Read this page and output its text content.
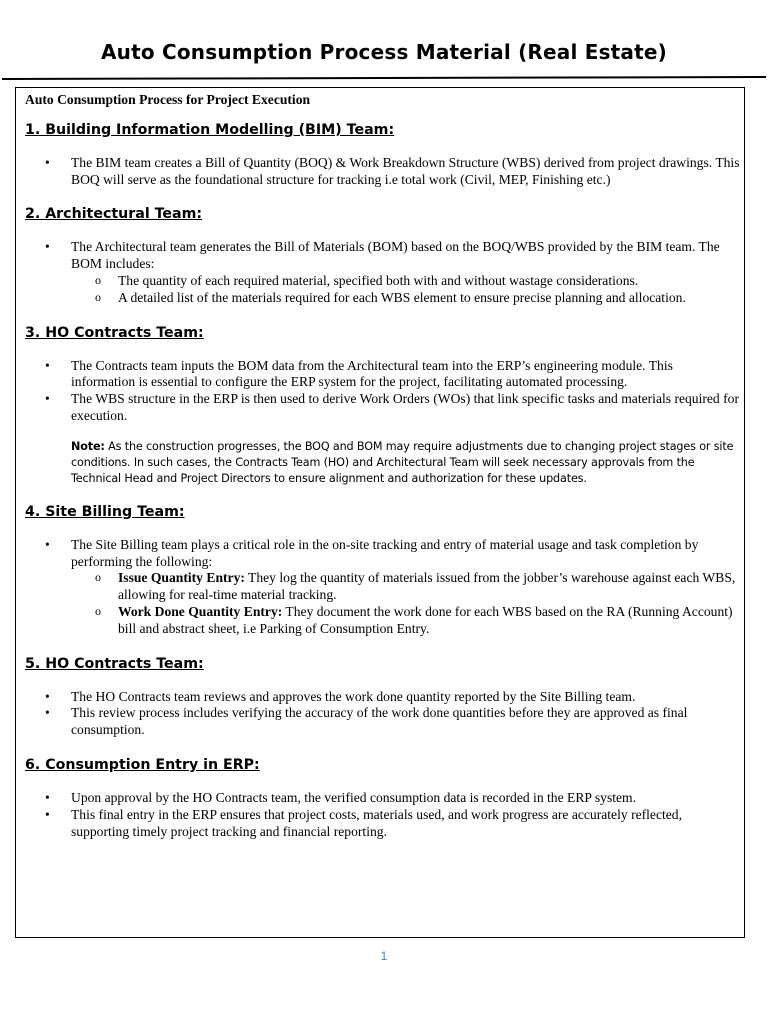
Auto Consumption Process Material (Real Estate)
Auto Consumption Process for Project Execution
1. Building Information Modelling (BIM) Team:
• The BIM team creates a Bill of Quantity (BOQ) & Work Breakdown Structure (WBS) derived from project drawings. This BOQ will serve as the foundational structure for tracking i.e total work (Civil, MEP, Finishing etc.)
2. Architectural Team:
• The Architectural team generates the Bill of Materials (BOM) based on the BOQ/WBS provided by the BIM team. The BOM includes:
o The quantity of each required material, specified both with and without wastage considerations.
o A detailed list of the materials required for each WBS element to ensure precise planning and allocation.
3. HO Contracts Team:
• The Contracts team inputs the BOM data from the Architectural team into the ERP’s engineering module. This information is essential to configure the ERP system for the project, facilitating automated processing.
• The WBS structure in the ERP is then used to derive Work Orders (WOs) that link specific tasks and materials required for execution.
Note: As the construction progresses, the BOQ and BOM may require adjustments due to changing project stages or site conditions. In such cases, the Contracts Team (HO) and Architectural Team will seek necessary approvals from the Technical Head and Project Directors to ensure alignment and authorization for these updates.
4. Site Billing Team:
• The Site Billing team plays a critical role in the on-site tracking and entry of material usage and task completion by performing the following:
o Issue Quantity Entry: They log the quantity of materials issued from the jobber’s warehouse against each WBS, allowing for real-time material tracking.
o Work Done Quantity Entry: They document the work done for each WBS based on the RA (Running Account) bill and abstract sheet, i.e Parking of Consumption Entry.
5. HO Contracts Team:
• The HO Contracts team reviews and approves the work done quantity reported by the Site Billing team.
• This review process includes verifying the accuracy of the work done quantities before they are approved as final consumption.
6. Consumption Entry in ERP:
• Upon approval by the HO Contracts team, the verified consumption data is recorded in the ERP system.
• This final entry in the ERP ensures that project costs, materials used, and work progress are accurately reflected, supporting timely project tracking and financial reporting.
1
